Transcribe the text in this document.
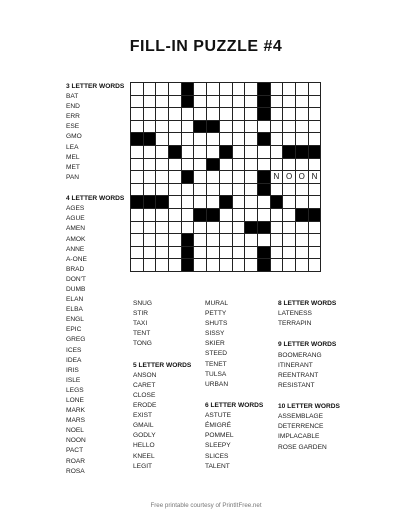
FILL-IN PUZZLE #4
N O O N
3 LETTER WORDS
BAT
END
ERR
ESE
GMO
LEA
MEL
MET
PAN
4 LETTER WORDS
AGES
AGUE
AMEN
AMOK
ANNE
A-ONE
BRAD
DON'T
DUMB
ELAN
ELBA
ENGL
EPIC
GREG
ICES
IDEA
IRIS
ISLE
LEGS
LONE
MARK
MARS
NOEL
NOON
PACT
ROAR
ROSA
SNUG
STIR
TAXI
TENT
TONG
5 LETTER WORDS
ANSON
CARET
CLOSE
ERODE
EXIST
GMAIL
GODLY
HELLO
KNEEL
LEGIT
MURAL
PETTY
SHUTS
SISSY
SKIER
STEED
TENET
TULSA
URBAN
6 LETTER WORDS
ASTUTE
ÉMIGRÉ
POMMEL
SLEEPY
SLICES
TALENT
8 LETTER WORDS
LATENESS
TERRAPIN
9 LETTER WORDS
BOOMERANG
ITINERANT
REENTRANT
RESISTANT
10 LETTER WORDS
ASSEMBLAGE
DETERRENCE
IMPLACABLE
ROSE GARDEN
Free printable courtesy of PrintItFree.net
